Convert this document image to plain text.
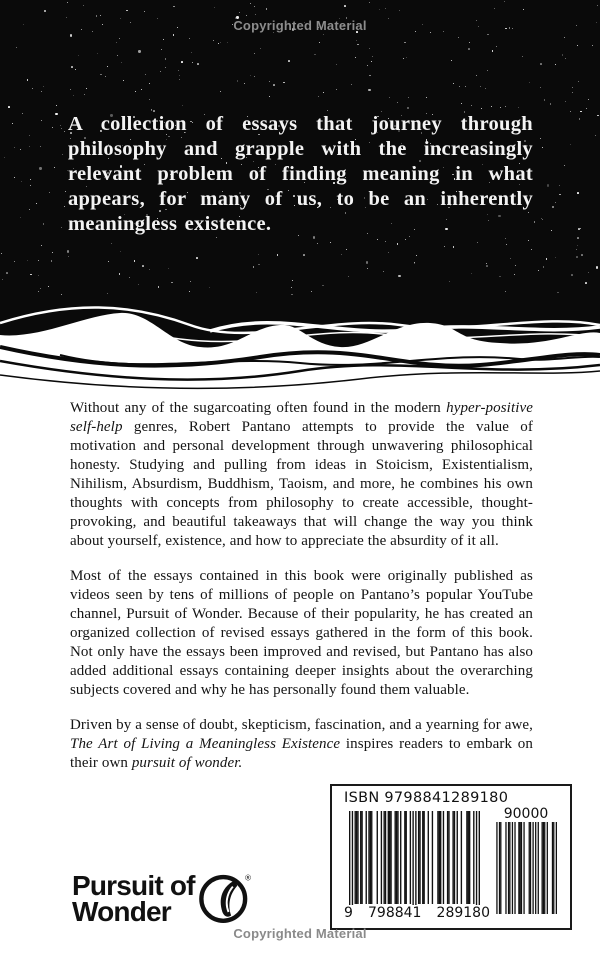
Copyrighted Material
A collection of essays that journey through philosophy and grapple with the increasingly relevant problem of finding meaning in what appears, for many of us, to be an inherently meaningless existence.

Without any of the sugarcoating often found in the modern hyper-positive self-help genres, Robert Pantano attempts to provide the value of motivation and personal development through unwavering philosophical honesty. Studying and pulling from ideas in Stoicism, Existentialism, Nihilism, Absurdism, Buddhism, Taoism, and more, he combines his own thoughts with concepts from philosophy to create accessible, thought-provoking, and beautiful takeaways that will change the way you think about yourself, existence, and how to appreciate the absurdity of it all.

Most of the essays contained in this book were originally published as videos seen by tens of millions of people on Pantano’s popular YouTube channel, Pursuit of Wonder. Because of their popularity, he has created an organized collection of revised essays gathered in the form of this book. Not only have the essays been improved and revised, but Pantano has also added additional essays containing deeper insights about the overarching subjects covered and why he has personally found them valuable.

Driven by a sense of doubt, skepticism, fascination, and a yearning for awe, The Art of Living a Meaningless Existence inspires readers to embark on their own pursuit of wonder.

ISBN 9798841289180
9 798841 289180
90000
Pursuit of
Wonder
®
Copyrighted Material
